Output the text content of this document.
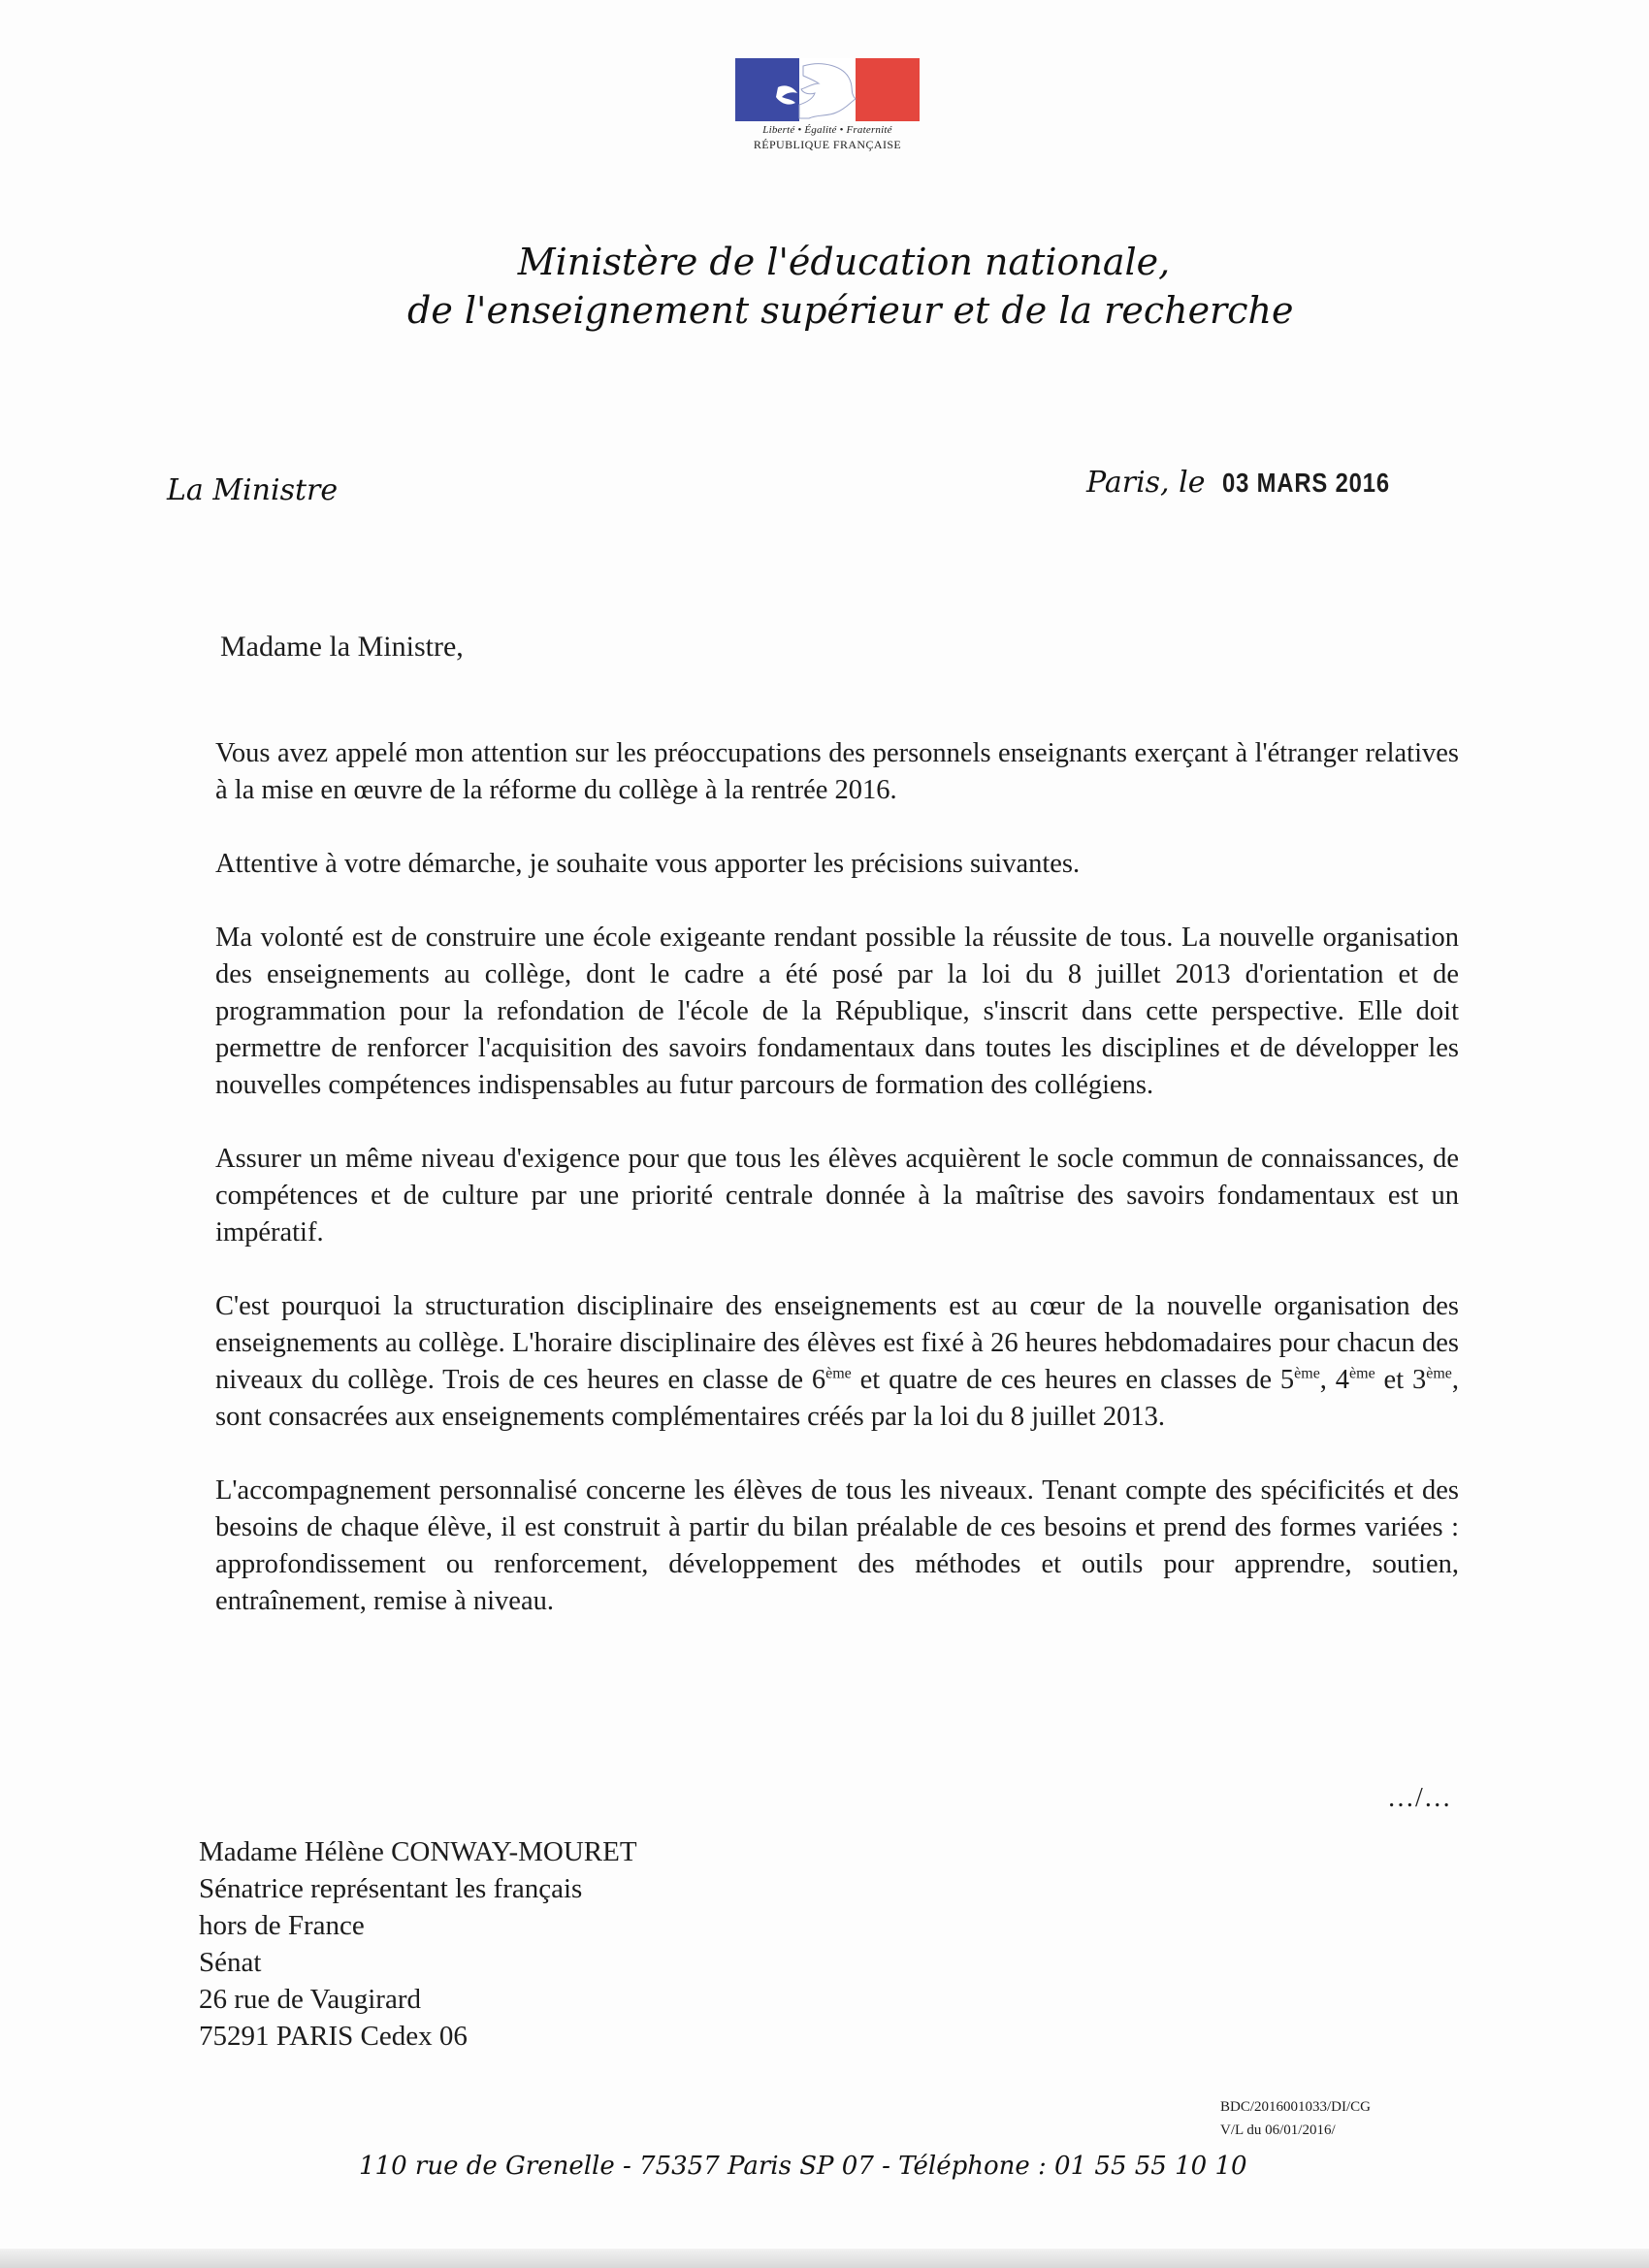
Liberté • Égalité • Fraternité
RÉPUBLIQUE FRANÇAISE
Ministère de l'éducation nationale,
de l'enseignement supérieur et de la recherche
La Ministre	Paris, le 03 MARS 2016
Madame la Ministre,

Vous avez appelé mon attention sur les préoccupations des personnels enseignants exerçant à l'étranger relatives à la mise en œuvre de la réforme du collège à la rentrée 2016.

Attentive à votre démarche, je souhaite vous apporter les précisions suivantes.

Ma volonté est de construire une école exigeante rendant possible la réussite de tous. La nouvelle organisation des enseignements au collège, dont le cadre a été posé par la loi du 8 juillet 2013 d'orientation et de programmation pour la refondation de l'école de la République, s'inscrit dans cette perspective. Elle doit permettre de renforcer l'acquisition des savoirs fondamentaux dans toutes les disciplines et de développer les nouvelles compétences indispensables au futur parcours de formation des collégiens.

Assurer un même niveau d'exigence pour que tous les élèves acquièrent le socle commun de connaissances, de compétences et de culture par une priorité centrale donnée à la maîtrise des savoirs fondamentaux est un impératif.

C'est pourquoi la structuration disciplinaire des enseignements est au cœur de la nouvelle organisation des enseignements au collège. L'horaire disciplinaire des élèves est fixé à 26 heures hebdomadaires pour chacun des niveaux du collège. Trois de ces heures en classe de 6ème et quatre de ces heures en classes de 5ème, 4ème et 3ème, sont consacrées aux enseignements complémentaires créés par la loi du 8 juillet 2013.

L'accompagnement personnalisé concerne les élèves de tous les niveaux. Tenant compte des spécificités et des besoins de chaque élève, il est construit à partir du bilan préalable de ces besoins et prend des formes variées : approfondissement ou renforcement, développement des méthodes et outils pour apprendre, soutien, entraînement, remise à niveau.

…/…
Madame Hélène CONWAY-MOURET
Sénatrice représentant les français
hors de France
Sénat
26 rue de Vaugirard
75291 PARIS Cedex 06
BDC/2016001033/DI/CG
V/L du 06/01/2016/
110 rue de Grenelle - 75357 Paris SP 07 - Téléphone : 01 55 55 10 10
